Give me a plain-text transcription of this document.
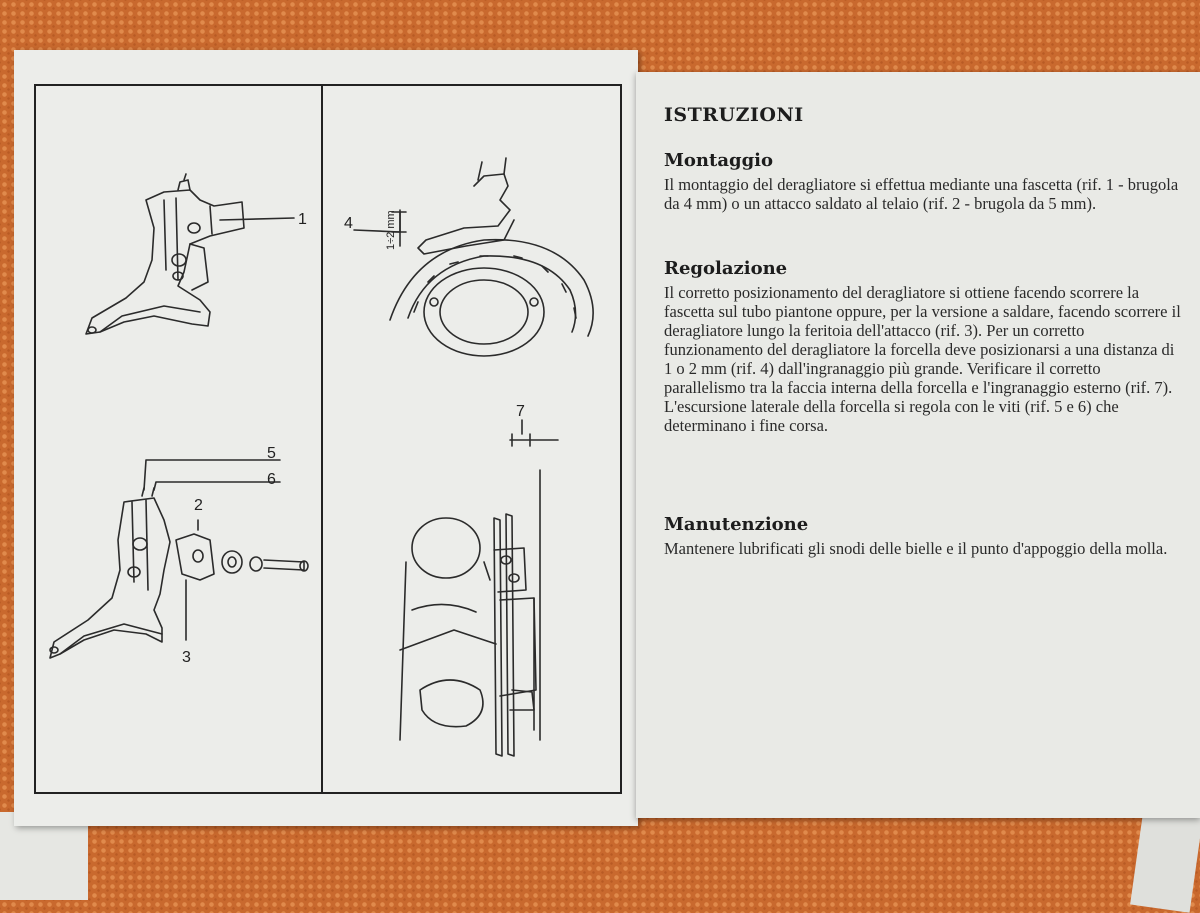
1 4	1÷2 mm
5
6
2
3
7
ISTRUZIONI
Montaggio

Il montaggio del deragliatore si effettua mediante una fascetta (rif. 1 - brugola da 4 mm) o un attacco saldato al telaio (rif. 2 - brugola da 5 mm).

Regolazione

Il corretto posizionamento del deragliatore si ottiene facendo scorrere la fascetta sul tubo piantone oppure, per la versione a saldare, facendo scorrere il deragliatore lungo la feritoia dell'attacco (rif. 3). Per un corretto funzionamento del deragliatore la forcella deve posizionarsi a una distanza di 1 o 2 mm (rif. 4) dall'ingranaggio più grande. Verificare il corretto parallelismo tra la faccia interna della forcella e l'ingranaggio esterno (rif. 7). L'escursione laterale della forcella si regola con le viti (rif. 5 e 6) che determinano i fine corsa.

Manutenzione

Mantenere lubrificati gli snodi delle bielle e il punto d'appoggio della molla.
